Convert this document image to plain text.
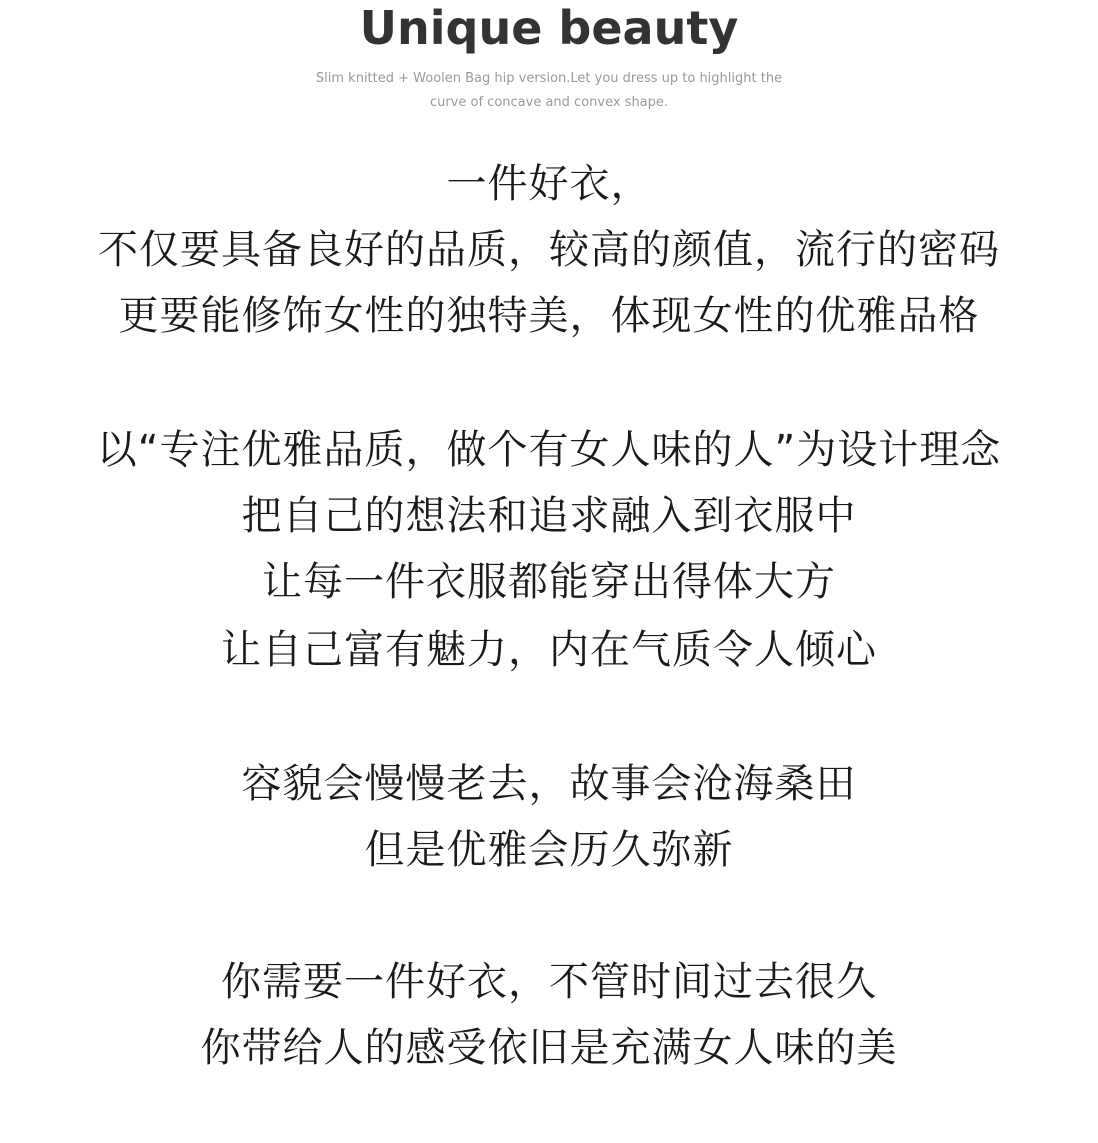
Unique beauty
Slim knitted + Woolen Bag hip version.Let you dress up to highlight the
curve of concave and convex shape.
一件好衣，
不仅要具备良好的品质，较高的颜值，流行的密码
更要能修饰女性的独特美，体现女性的优雅品格
以“专注优雅品质，做个有女人味的人”为设计理念
把自己的想法和追求融入到衣服中
让每一件衣服都能穿出得体大方
让自己富有魅力，内在气质令人倾心
容貌会慢慢老去，故事会沧海桑田
但是优雅会历久弥新
你需要一件好衣，不管时间过去很久
你带给人的感受依旧是充满女人味的美
